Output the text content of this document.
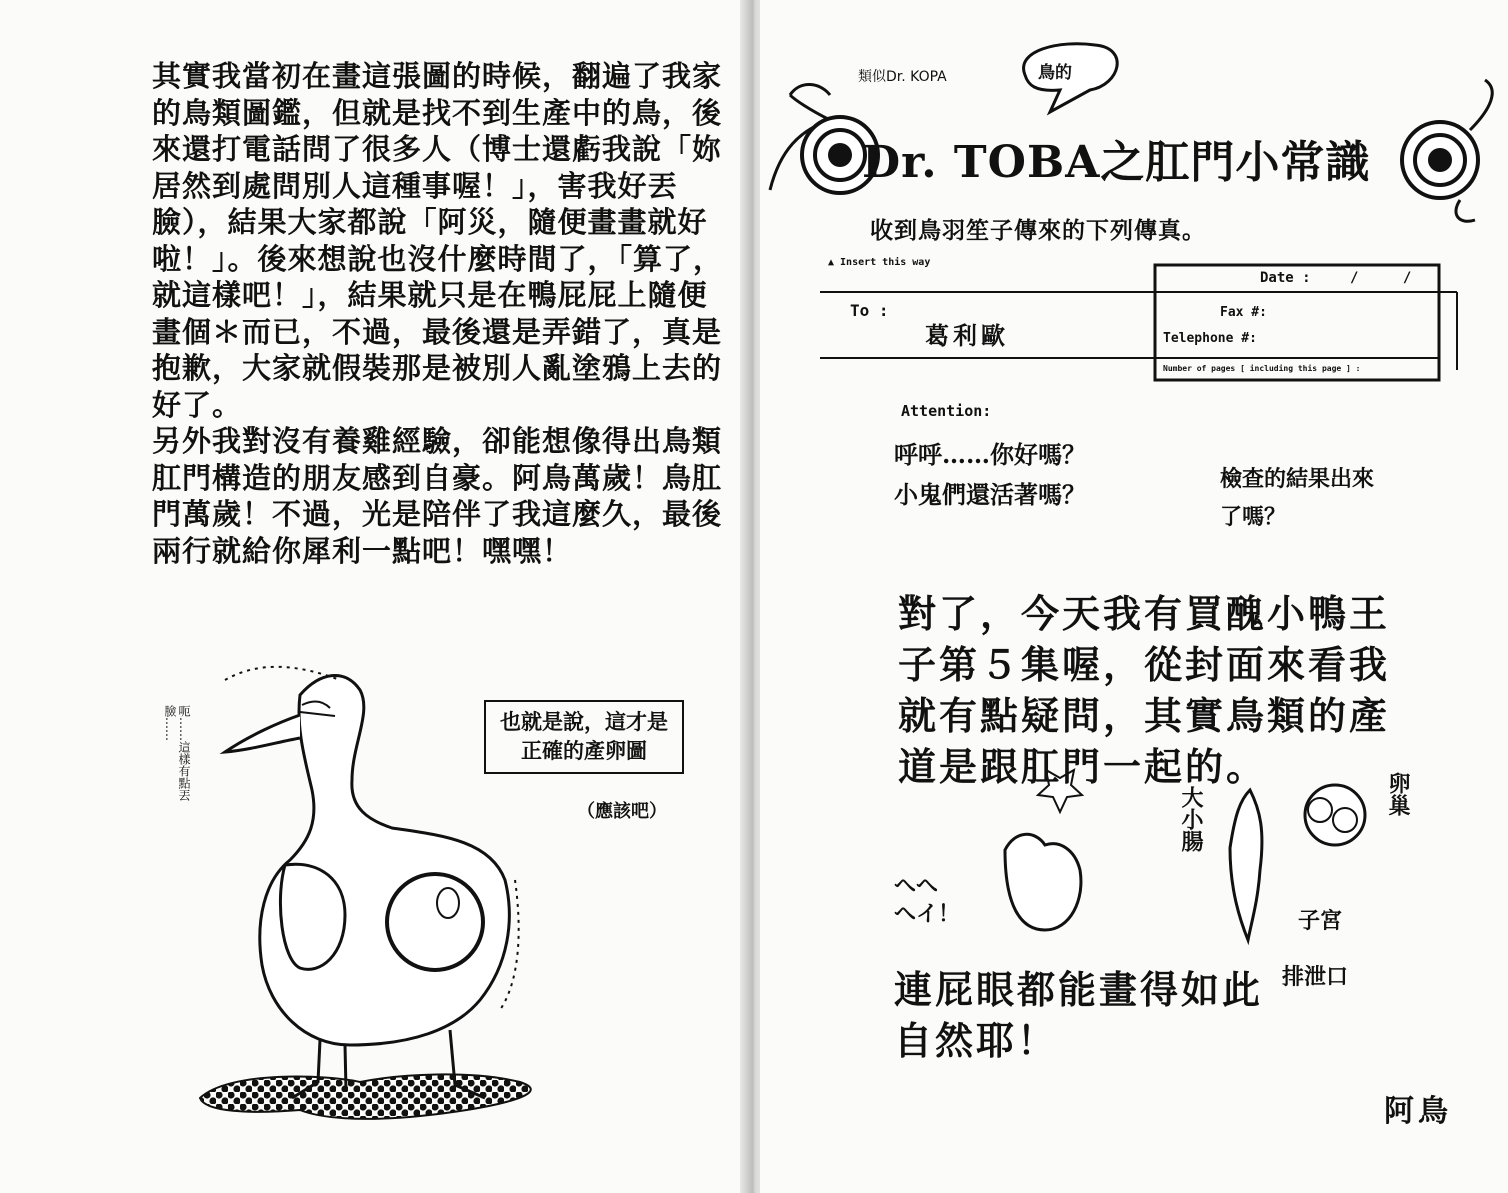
其實我當初在畫這張圖的時候，翻遍了我家的鳥類圖鑑，但就是找不到生產中的鳥，後來還打電話問了很多人（博士還虧我說「妳居然到處問別人這種事喔！」，害我好丟臉），結果大家都說「阿災，隨便畫畫就好啦！」。後來想說也沒什麼時間了，「算了，就這樣吧！」，結果就只是在鴨屁屁上隨便畫個＊而已，不過，最後還是弄錯了，真是抱歉，大家就假裝那是被別人亂塗鴉上去的好了。

另外我對沒有養雞經驗，卻能想像得出鳥類肛門構造的朋友感到自豪。阿鳥萬歲！鳥肛門萬歲！不過，光是陪伴了我這麼久，最後兩行就給你犀利一點吧！嘿嘿！

呃……這樣有點丟臉……	也就是說，這才是正確的產卵圖
（應該吧）
類似Dr. KOPA	鳥的
Dr. TOBA之肛門小常識
收到鳥羽笙子傳來的下列傳真。
▲ Insert this way
Date :	/ /
To :
葛利歐
Fax #:
Telephone #:
Number of pages [ including this page ] :
Attention:
呼呼……你好嗎？
小鬼們還活著嗎？
檢查的結果出來
了嗎？
對了，今天我有買醜小鴨王
子第５集喔，從封面來看我
就有點疑問，其實鳥類的產
道是跟肛門一起的。
大小腸	卵巢
子宮
排泄口
へへ
へイ！
連屁眼都能畫得如此
自然耶！
阿鳥
